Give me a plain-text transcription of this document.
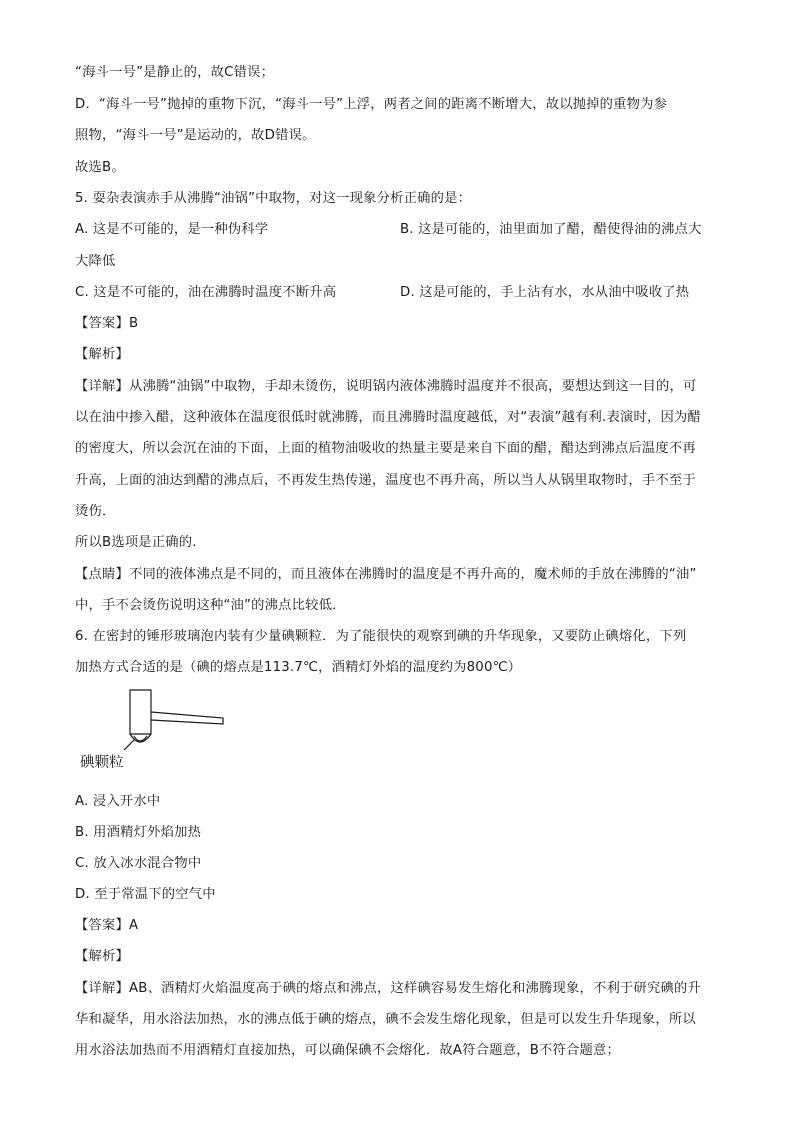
“海斗一号”是静止的，故C错误；
D．“海斗一号”抛掉的重物下沉，“海斗一号”上浮，两者之间的距离不断增大，故以抛掉的重物为参
照物，“海斗一号”是运动的，故D错误。
故选B。
5. 耍杂表演赤手从沸腾“油锅”中取物，对这一现象分析正确的是：
A. 这是不可能的，是一种伪科学	B. 这是可能的，油里面加了醋，醋使得油的沸点大
大降低
C. 这是不可能的，油在沸腾时温度不断升高	D. 这是可能的，手上沾有水，水从油中吸收了热
【答案】B
【解析】
【详解】从沸腾“油锅”中取物，手却未烫伤，说明锅内液体沸腾时温度并不很高，要想达到这一目的，可
以在油中掺入醋，这种液体在温度很低时就沸腾，而且沸腾时温度越低，对“表演”越有利.表演时，因为醋
的密度大，所以会沉在油的下面，上面的植物油吸收的热量主要是来自下面的醋，醋达到沸点后温度不再
升高，上面的油达到醋的沸点后，不再发生热传递，温度也不再升高，所以当人从锅里取物时，手不至于
烫伤．
所以B选项是正确的.
【点睛】不同的液体沸点是不同的，而且液体在沸腾时的温度是不再升高的，魔术师的手放在沸腾的“油”
中，手不会烫伤说明这种“油”的沸点比较低．
6. 在密封的锤形玻璃泡内装有少量碘颗粒．为了能很快的观察到碘的升华现象，又要防止碘熔化，下列
加热方式合适的是（碘的熔点是113.7℃，酒精灯外焰的温度约为800℃）
碘颗粒
A. 浸入开水中
B. 用酒精灯外焰加热
C. 放入冰水混合物中
D. 至于常温下的空气中
【答案】A
【解析】
【详解】AB、酒精灯火焰温度高于碘的熔点和沸点，这样碘容易发生熔化和沸腾现象，不利于研究碘的升
华和凝华，用水浴法加热，水的沸点低于碘的熔点，碘不会发生熔化现象，但是可以发生升华现象，所以
用水浴法加热而不用酒精灯直接加热，可以确保碘不会熔化．故A符合题意，B不符合题意；
